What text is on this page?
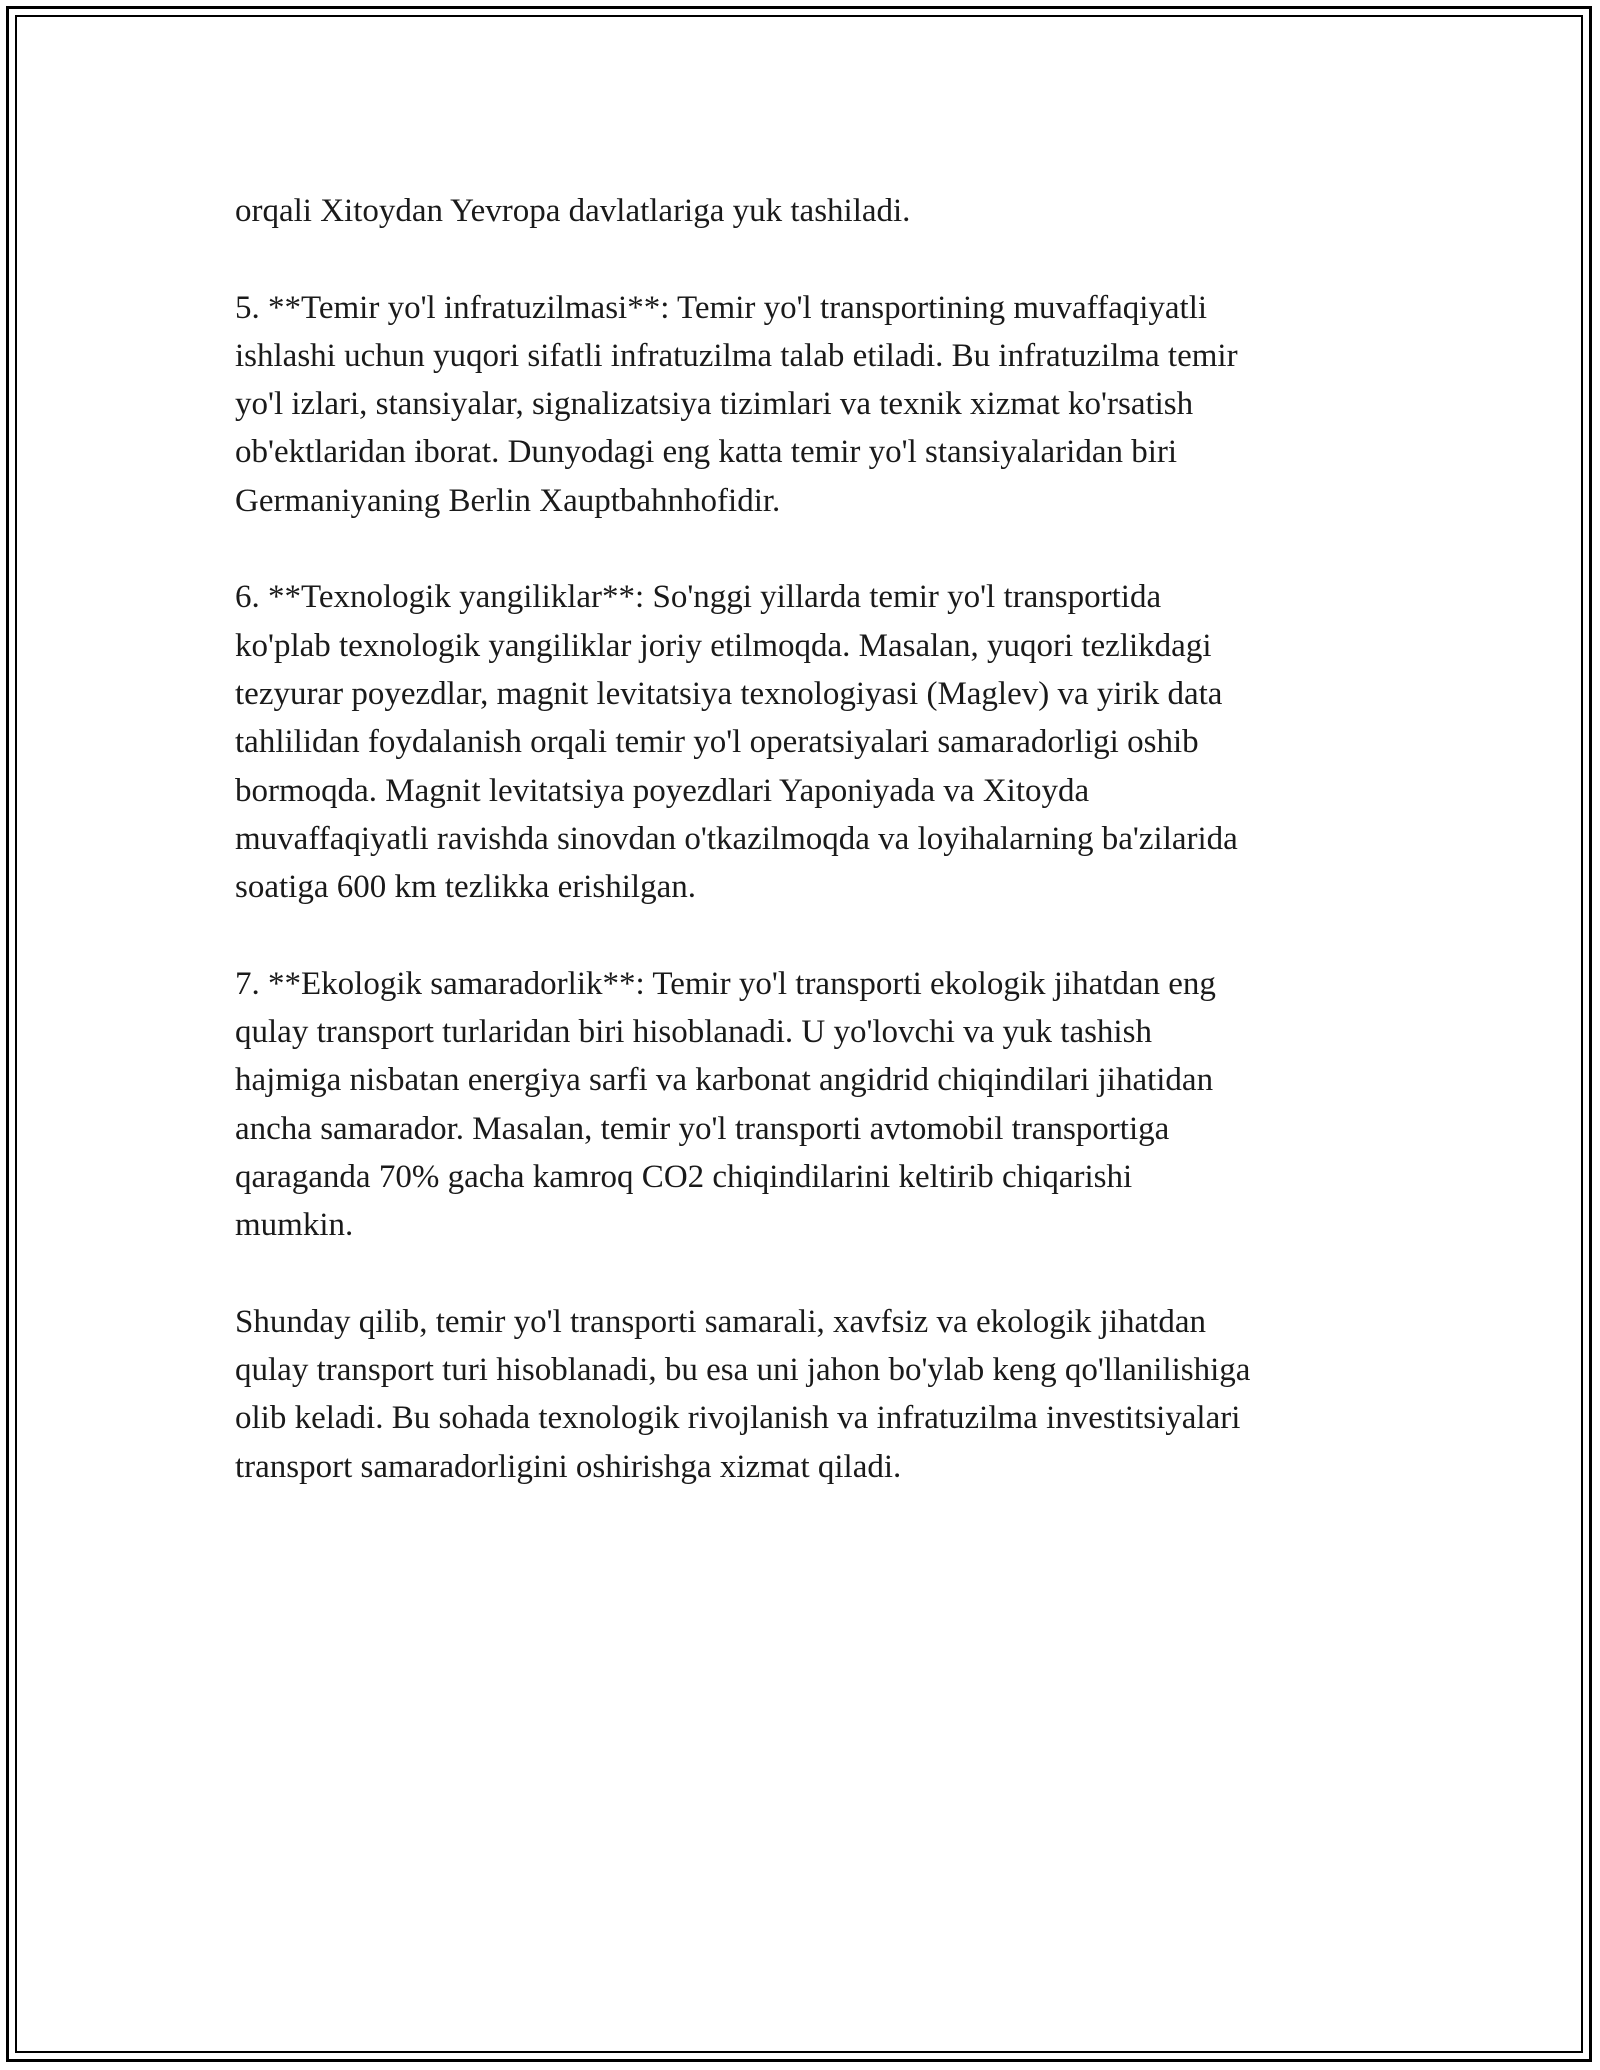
orqali Xitoydan Yevropa davlatlariga yuk tashiladi.

5. **Temir yo'l infratuzilmasi**: Temir yo'l transportining muvaffaqiyatli
ishlashi uchun yuqori sifatli infratuzilma talab etiladi. Bu infratuzilma temir
yo'l izlari, stansiyalar, signalizatsiya tizimlari va texnik xizmat ko'rsatish
ob'ektlaridan iborat. Dunyodagi eng katta temir yo'l stansiyalaridan biri
Germaniyaning Berlin Xauptbahnhofidir.

6. **Texnologik yangiliklar**: So'nggi yillarda temir yo'l transportida
ko'plab texnologik yangiliklar joriy etilmoqda. Masalan, yuqori tezlikdagi
tezyurar poyezdlar, magnit levitatsiya texnologiyasi (Maglev) va yirik data
tahlilidan foydalanish orqali temir yo'l operatsiyalari samaradorligi oshib
bormoqda. Magnit levitatsiya poyezdlari Yaponiyada va Xitoyda
muvaffaqiyatli ravishda sinovdan o'tkazilmoqda va loyihalarning ba'zilarida
soatiga 600 km tezlikka erishilgan.

7. **Ekologik samaradorlik**: Temir yo'l transporti ekologik jihatdan eng
qulay transport turlaridan biri hisoblanadi. U yo'lovchi va yuk tashish
hajmiga nisbatan energiya sarfi va karbonat angidrid chiqindilari jihatidan
ancha samarador. Masalan, temir yo'l transporti avtomobil transportiga
qaraganda 70% gacha kamroq CO2 chiqindilarini keltirib chiqarishi
mumkin.

Shunday qilib, temir yo'l transporti samarali, xavfsiz va ekologik jihatdan
qulay transport turi hisoblanadi, bu esa uni jahon bo'ylab keng qo'llanilishiga
olib keladi. Bu sohada texnologik rivojlanish va infratuzilma investitsiyalari
transport samaradorligini oshirishga xizmat qiladi.
